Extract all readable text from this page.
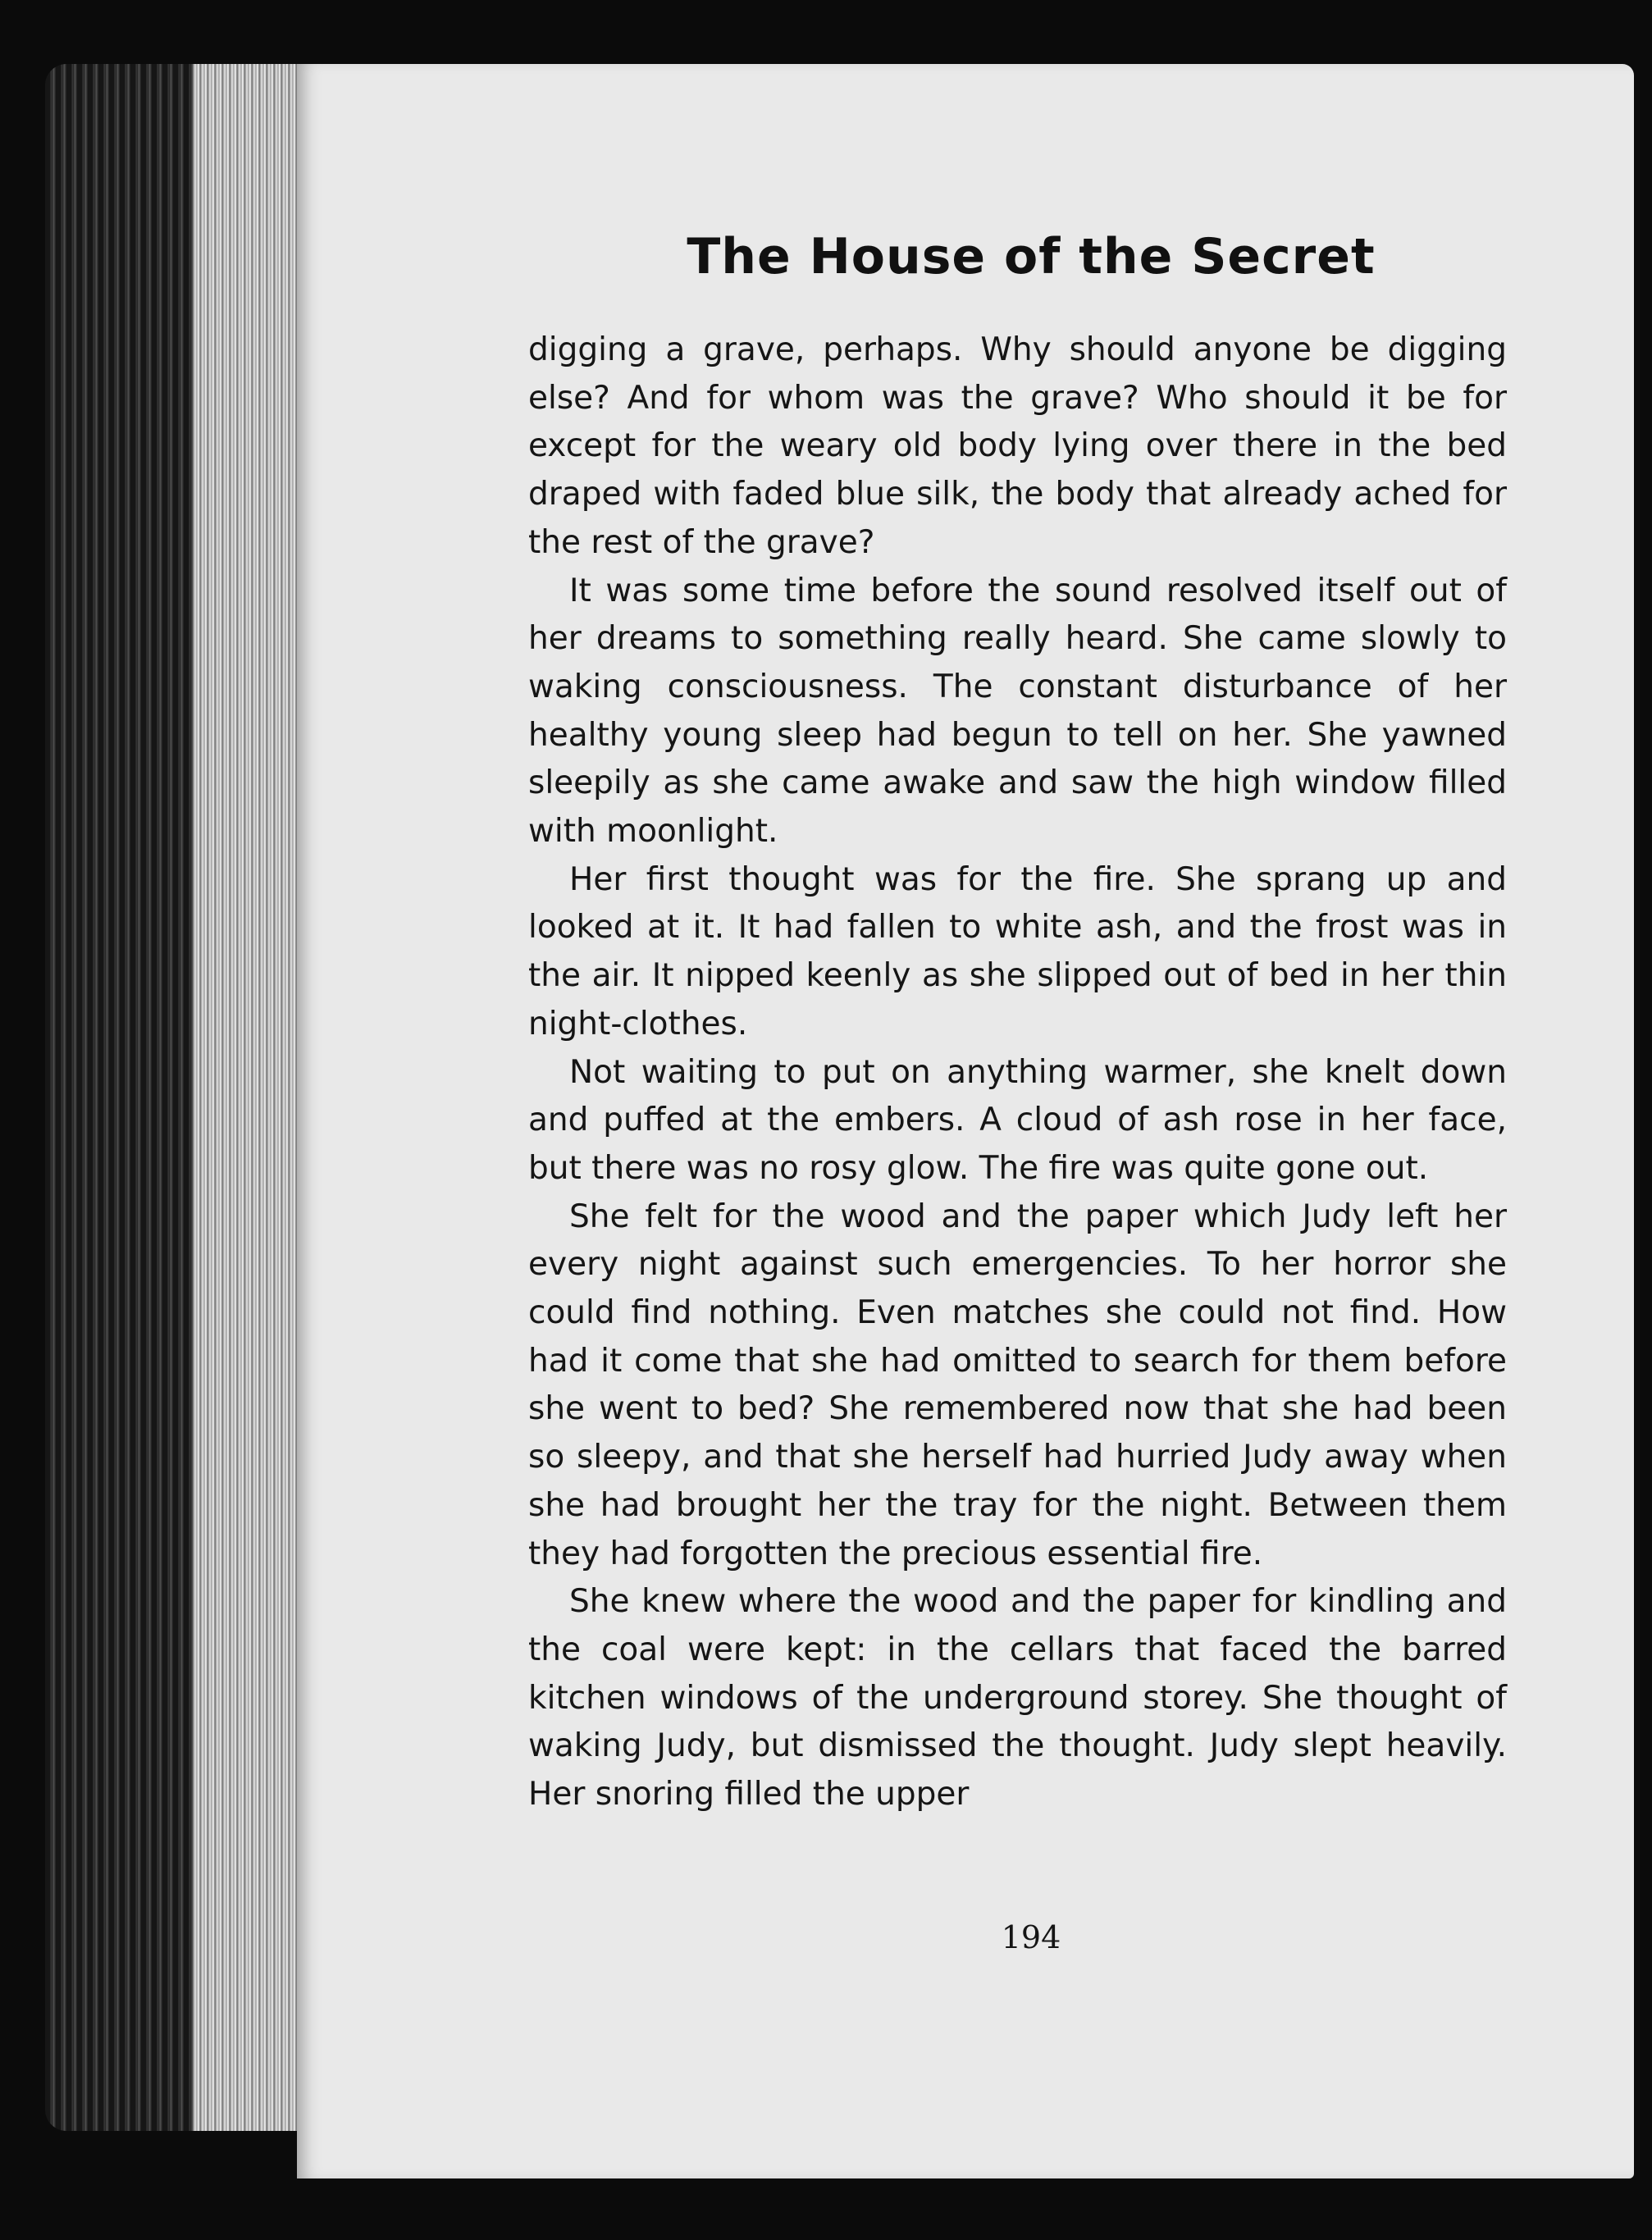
The House of the Secret

digging a grave, perhaps. Why should anyone be digging else? And for whom was the grave? Who should it be for except for the weary old body lying over there in the bed draped with faded blue silk, the body that already ached for the rest of the grave?

It was some time before the sound resolved itself out of her dreams to something really heard. She came slowly to waking consciousness. The constant disturbance of her healthy young sleep had begun to tell on her. She yawned sleepily as she came awake and saw the high window filled with moonlight.

Her first thought was for the fire. She sprang up and looked at it. It had fallen to white ash, and the frost was in the air. It nipped keenly as she slipped out of bed in her thin night-clothes.

Not waiting to put on anything warmer, she knelt down and puffed at the embers. A cloud of ash rose in her face, but there was no rosy glow. The fire was quite gone out.

She felt for the wood and the paper which Judy left her every night against such emergencies. To her horror she could find nothing. Even matches she could not find. How had it come that she had omitted to search for them before she went to bed? She remembered now that she had been so sleepy, and that she herself had hurried Judy away when she had brought her the tray for the night. Between them they had forgotten the precious essential fire.

She knew where the wood and the paper for kindling and the coal were kept: in the cellars that faced the barred kitchen windows of the underground storey. She thought of waking Judy, but dismissed the thought. Judy slept heavily. Her snoring filled the upper

194
